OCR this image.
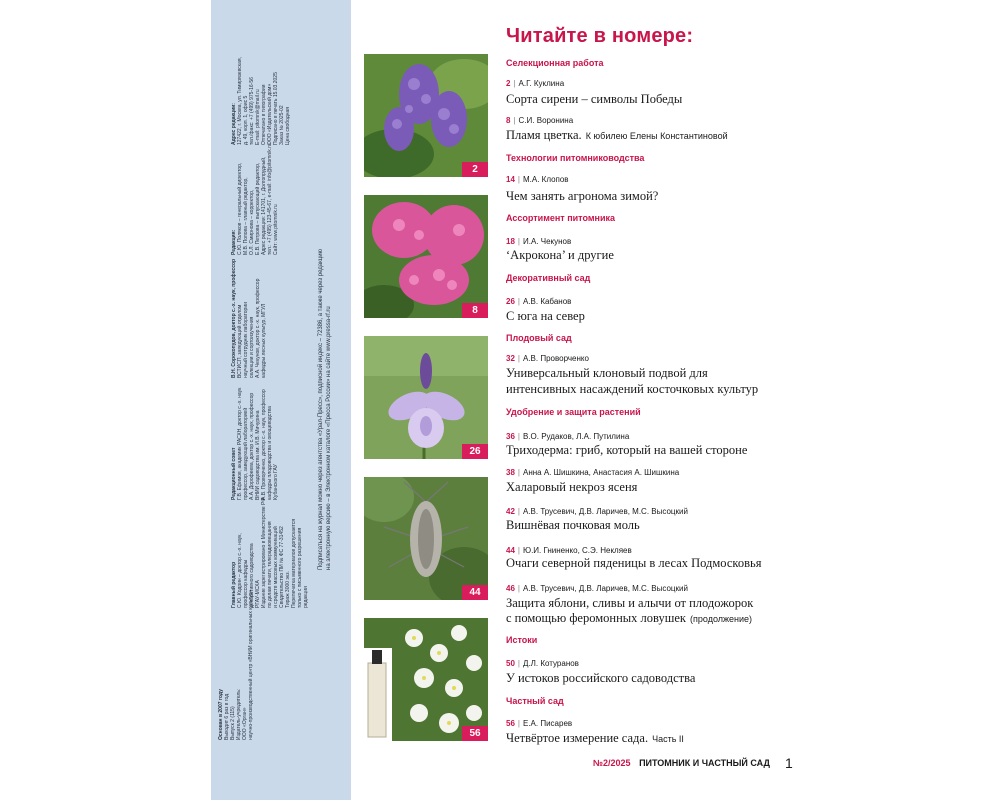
Основан в 2007 году Выходит 6 раз в год Выпуск 2 (115) Издатель-учредитель: ООО «Орган» научно-производственный центр «ВНИИ оригинальных культур»
Главный редактор С.Ю. Кодрин – доктор с.-х. наук, профессор кафедры декоративного садоводства РГАУ-МСХА Издание зарегистрировано в Министерстве РФ по делам печати, телерадиовещания и средств массовых коммуникаций Свидетельство ПИ № ФС 77-31452 Тираж 3000 экз. Перепечатка материалов допускается только с письменного разрешения редакции
Редакционный совет Г.В. Ефимов, академик РАСХН, доктор с.-х. наук профессор, заведующий лабораторией А.А. Дорофеева, доктор с.-х. наук, профессор ВНИИ садоводства им. И.В. Мичурина А.В. Проворченко, доктор с.-х. наук, профессор кафедры плодоводства и овощеводства Кубанского ГАУ
В.Н. Сорокопудов, доктор с.-х. наук, профессор ВСТИСП, заведующий отделом научный сотрудник лаборатории селекции и сортоизучения А.А. Чекунов, доктор с.-х. наук, профессор кафедры лесных культур, МГУЛ
Редакция: С.Ю. Поляков – генеральный директор, М.В. Попова – главный редактор, О.Л. Смирнова – корректор, Е.В. Петрова – выпускающий редактор, Адрес редакции: 141701, г. Долгопрудный, тел.: +7 (495) 123-45-67, e-mail: info@pitomnik.ru Сайт: www.pitomnik.ru
Адрес редакции: 127422, г. Москва, ул. Тимирязевская, д. 49, корп. 1, офис 5 тел./факс: +7 (499) 975-16-56 E-mail: pitomnik@mail.ru Отпечатано в типографии ООО «Издательский дом» Подписано в печать 15.03.2025 Заказ № 2025-02 Цена свободная
Подписаться на журнал можно через агентства «Урал-Пресс», подписной индекс – 72386, а также через редакцию на электронную версию – в Электронном каталоге «Пресса России» на сайте www.pressa-rf.ru
2
8
26
44
56
Читайте в номере:
Селекционная работа
2 | А.Г. Куклина
Сорта сирени – символы Победы
8 | С.И. Воронина
Пламя цветка. К юбилею Елены Константиновой
Технологии питомниководства
14 | М.А. Клопов
Чем занять агронома зимой?
Ассортимент питомника
18 | И.А. Чекунов
‘Акрокона’ и другие
Декоративный сад
26 | А.В. Кабанов
С юга на север
Плодовый сад
32 | А.В. Проворченко
Универсальный клоновый подвой для
интенсивных насаждений косточковых культур
Удобрение и защита растений
36 | В.О. Рудаков, Л.А. Путилина
Триходерма: гриб, который на вашей стороне
38 | Анна А. Шишкина, Анастасия А. Шишкина
Халаровый некроз ясеня
42 | А.В. Трусевич, Д.В. Ларичев, М.С. Высоцкий
Вишнёвая почковая моль
44 | Ю.И. Гниненко, С.Э. Некляев
Очаги северной пяденицы в лесах Подмосковья
46 | А.В. Трусевич, Д.В. Ларичев, М.С. Высоцкий
Защита яблони, сливы и алычи от плодожорок
с помощью феромонных ловушек (продолжение)
Истоки
50 | Д.Л. Котуранов
У истоков российского садоводства
Частный сад
56 | Е.А. Писарев
Четвёртое измерение сада. Часть II
№2/2025 ПИТОМНИК И ЧАСТНЫЙ САД 1
